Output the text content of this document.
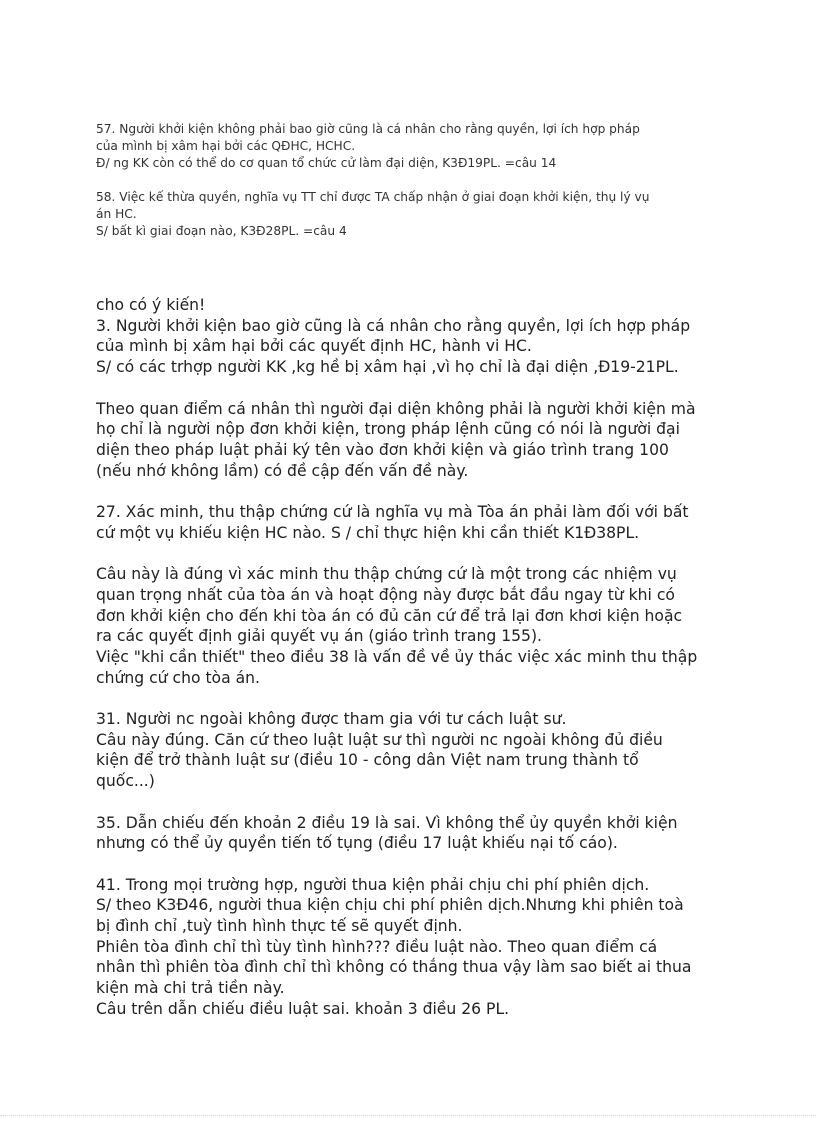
57. Người khởi kiện không phải bao giờ cũng là cá nhân cho rằng quyền, lợi ích hợp pháp

của mình bị xâm hại bởi các QĐHC, HCHC.

Đ/ ng KK còn có thể do cơ quan tổ chức cử làm đại diện, K3Đ19PL. =câu 14

58. Việc kế thừa quyền, nghĩa vụ TT chỉ được TA chấp nhận ở giai đoạn khởi kiện, thụ lý vụ

án HC.

S/ bất kì giai đoạn nào, K3Đ28PL. =câu 4

cho có ý kiến!

3. Người khởi kiện bao giờ cũng là cá nhân cho rằng quyền, lợi ích hợp pháp

của mình bị xâm hại bởi các quyết định HC, hành vi HC.

S/ có các trhợp người KK ,kg hề bị xâm hại ,vì họ chỉ là đại diện ,Đ19-21PL.

Theo quan điểm cá nhân thì người đại diện không phải là người khởi kiện mà

họ chỉ là người nộp đơn khởi kiện, trong pháp lệnh cũng có nói là người đại

diện theo pháp luật phải ký tên vào đơn khởi kiện và giáo trình trang 100

(nếu nhớ không lầm) có đề cập đến vấn đề này.

27. Xác minh, thu thập chứng cứ là nghĩa vụ mà Tòa án phải làm đối với bất

cứ một vụ khiếu kiện HC nào. S / chỉ thực hiện khi cần thiết K1Đ38PL.

Câu này là đúng vì xác minh thu thập chứng cứ là một trong các nhiệm vụ

quan trọng nhất của tòa án và hoạt động này được bắt đầu ngay từ khi có

đơn khởi kiện cho đến khi tòa án có đủ căn cứ để trả lại đơn khơi kiện hoặc

ra các quyết định giải quyết vụ án (giáo trình trang 155).

Việc "khi cần thiết" theo điều 38 là vấn đề về ủy thác việc xác minh thu thập

chứng cứ cho tòa án.

31. Người nc ngoài không được tham gia với tư cách luật sư.

Câu này đúng. Căn cứ theo luật luật sư thì người nc ngoài không đủ điều

kiện để trở thành luật sư (điều 10 - công dân Việt nam trung thành tổ

quốc...)

35. Dẫn chiếu đến khoản 2 điều 19 là sai. Vì không thể ủy quyền khởi kiện

nhưng có thể ủy quyền tiến tố tụng (điều 17 luật khiếu nại tố cáo).

41. Trong mọi trường hợp, người thua kiện phải chịu chi phí phiên dịch.

S/ theo K3Đ46, người thua kiện chịu chi phí phiên dịch.Nhưng khi phiên toà

bị đình chỉ ,tuỳ tình hình thực tế sẽ quyết định.

Phiên tòa đình chỉ thì tùy tình hình??? điều luật nào. Theo quan điểm cá

nhân thì phiên tòa đình chỉ thì không có thắng thua vậy làm sao biết ai thua

kiện mà chi trả tiền này.

Câu trên dẫn chiếu điều luật sai. khoản 3 điều 26 PL.
